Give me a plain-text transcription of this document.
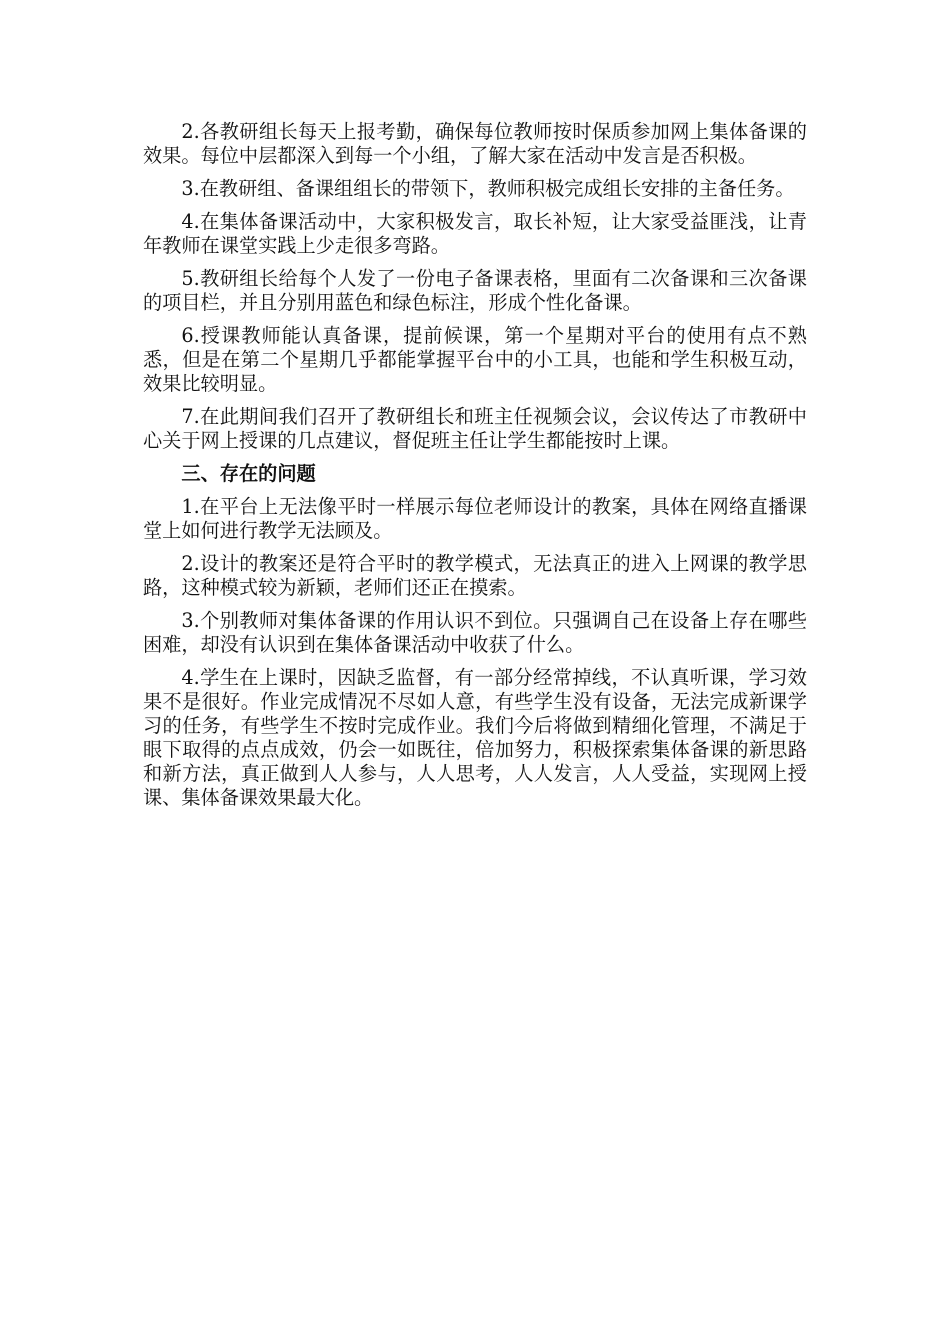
2.各教研组长每天上报考勤，确保每位教师按时保质参加网上集体备课的效果。每位中层都深入到每一个小组，了解大家在活动中发言是否积极。

3.在教研组、备课组组长的带领下，教师积极完成组长安排的主备任务。

4.在集体备课活动中，大家积极发言，取长补短，让大家受益匪浅，让青年教师在课堂实践上少走很多弯路。

5.教研组长给每个人发了一份电子备课表格，里面有二次备课和三次备课的项目栏，并且分别用蓝色和绿色标注，形成个性化备课。

6.授课教师能认真备课，提前候课，第一个星期对平台的使用有点不熟悉，但是在第二个星期几乎都能掌握平台中的小工具，也能和学生积极互动，效果比较明显。

7.在此期间我们召开了教研组长和班主任视频会议，会议传达了市教研中心关于网上授课的几点建议，督促班主任让学生都能按时上课。

三、存在的问题

1.在平台上无法像平时一样展示每位老师设计的教案，具体在网络直播课堂上如何进行教学无法顾及。

2.设计的教案还是符合平时的教学模式，无法真正的进入上网课的教学思路，这种模式较为新颖，老师们还正在摸索。

3.个别教师对集体备课的作用认识不到位。只强调自己在设备上存在哪些困难，却没有认识到在集体备课活动中收获了什么。

4.学生在上课时，因缺乏监督，有一部分经常掉线，不认真听课，学习效果不是很好。作业完成情况不尽如人意，有些学生没有设备，无法完成新课学习的任务，有些学生不按时完成作业。我们今后将做到精细化管理，不满足于眼下取得的点点成效，仍会一如既往，倍加努力，积极探索集体备课的新思路和新方法，真正做到人人参与，人人思考，人人发言，人人受益，实现网上授课、集体备课效果最大化。
